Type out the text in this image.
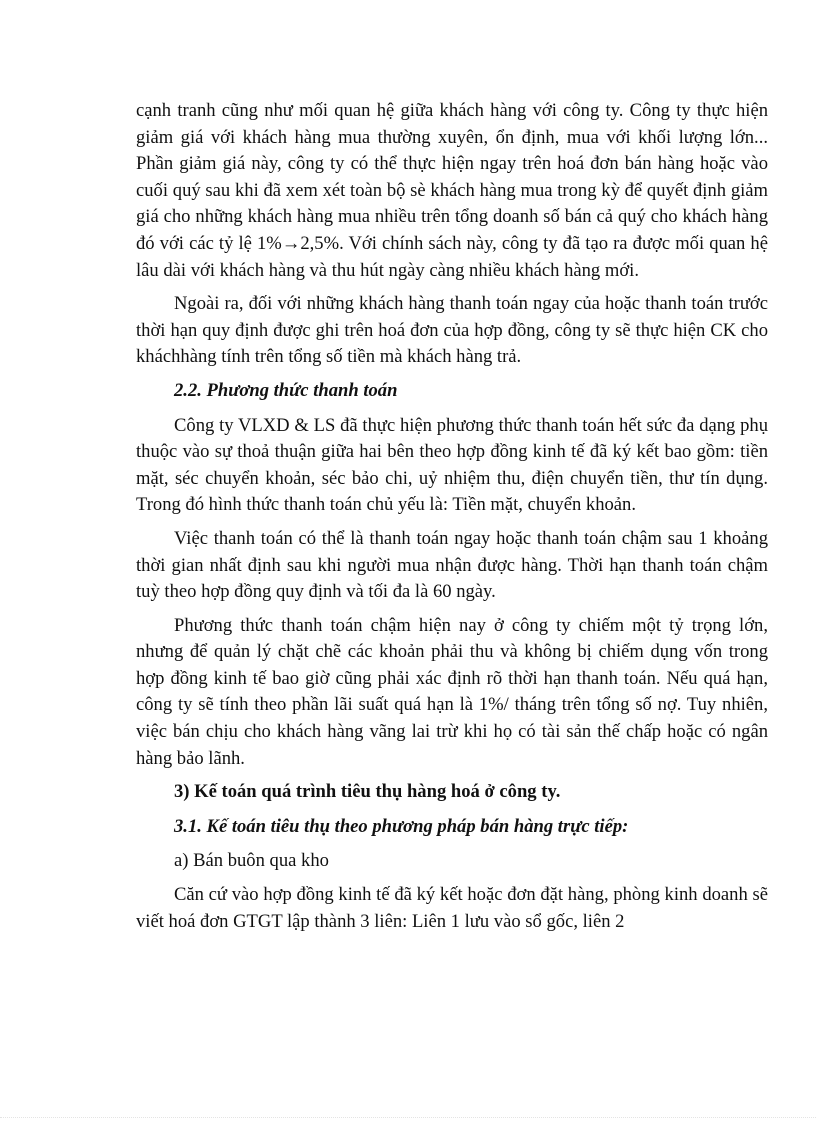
cạnh tranh cũng như mối quan hệ giữa khách hàng với công ty. Công ty thực hiện giảm giá với khách hàng mua thường xuyên, ổn định, mua với khối lượng lớn... Phần giảm giá này, công ty có thể thực hiện ngay trên hoá đơn bán hàng hoặc vào cuối quý sau khi đã xem xét toàn bộ sè khách hàng mua trong kỳ để quyết định giảm giá cho những khách hàng mua nhiều trên tổng doanh số bán cả quý cho khách hàng đó với các tỷ lệ 1%→2,5%. Với chính sách này, công ty đã tạo ra được mối quan hệ lâu dài với khách hàng và thu hút ngày càng nhiều khách hàng mới.

Ngoài ra, đối với những khách hàng thanh toán ngay của hoặc thanh toán trước thời hạn quy định được ghi trên hoá đơn của hợp đồng, công ty sẽ thực hiện CK cho kháchhàng tính trên tổng số tiền mà khách hàng trả.

2.2. Phương thức thanh toán

Công ty VLXD & LS đã thực hiện phương thức thanh toán hết sức đa dạng phụ thuộc vào sự thoả thuận giữa hai bên theo hợp đồng kinh tế đã ký kết bao gồm: tiền mặt, séc chuyển khoản, séc bảo chi, uỷ nhiệm thu, điện chuyển tiền, thư tín dụng. Trong đó hình thức thanh toán chủ yếu là: Tiền mặt, chuyển khoản.

Việc thanh toán có thể là thanh toán ngay hoặc thanh toán chậm sau 1 khoảng thời gian nhất định sau khi người mua nhận được hàng. Thời hạn thanh toán chậm tuỳ theo hợp đồng quy định và tối đa là 60 ngày.

Phương thức thanh toán chậm hiện nay ở công ty chiếm một tỷ trọng lớn, nhưng để quản lý chặt chẽ các khoản phải thu và không bị chiếm dụng vốn trong hợp đồng kinh tế bao giờ cũng phải xác định rõ thời hạn thanh toán. Nếu quá hạn, công ty sẽ tính theo phần lãi suất quá hạn là 1%/ tháng trên tổng số nợ. Tuy nhiên, việc bán chịu cho khách hàng vãng lai trừ khi họ có tài sản thế chấp hoặc có ngân hàng bảo lãnh.

3) Kế toán quá trình tiêu thụ hàng hoá ở công ty.

3.1. Kế toán tiêu thụ theo phương pháp bán hàng trực tiếp:

a) Bán buôn qua kho

Căn cứ vào hợp đồng kinh tế đã ký kết hoặc đơn đặt hàng, phòng kinh doanh sẽ viết hoá đơn GTGT lập thành 3 liên: Liên 1 lưu vào sổ gốc, liên 2
